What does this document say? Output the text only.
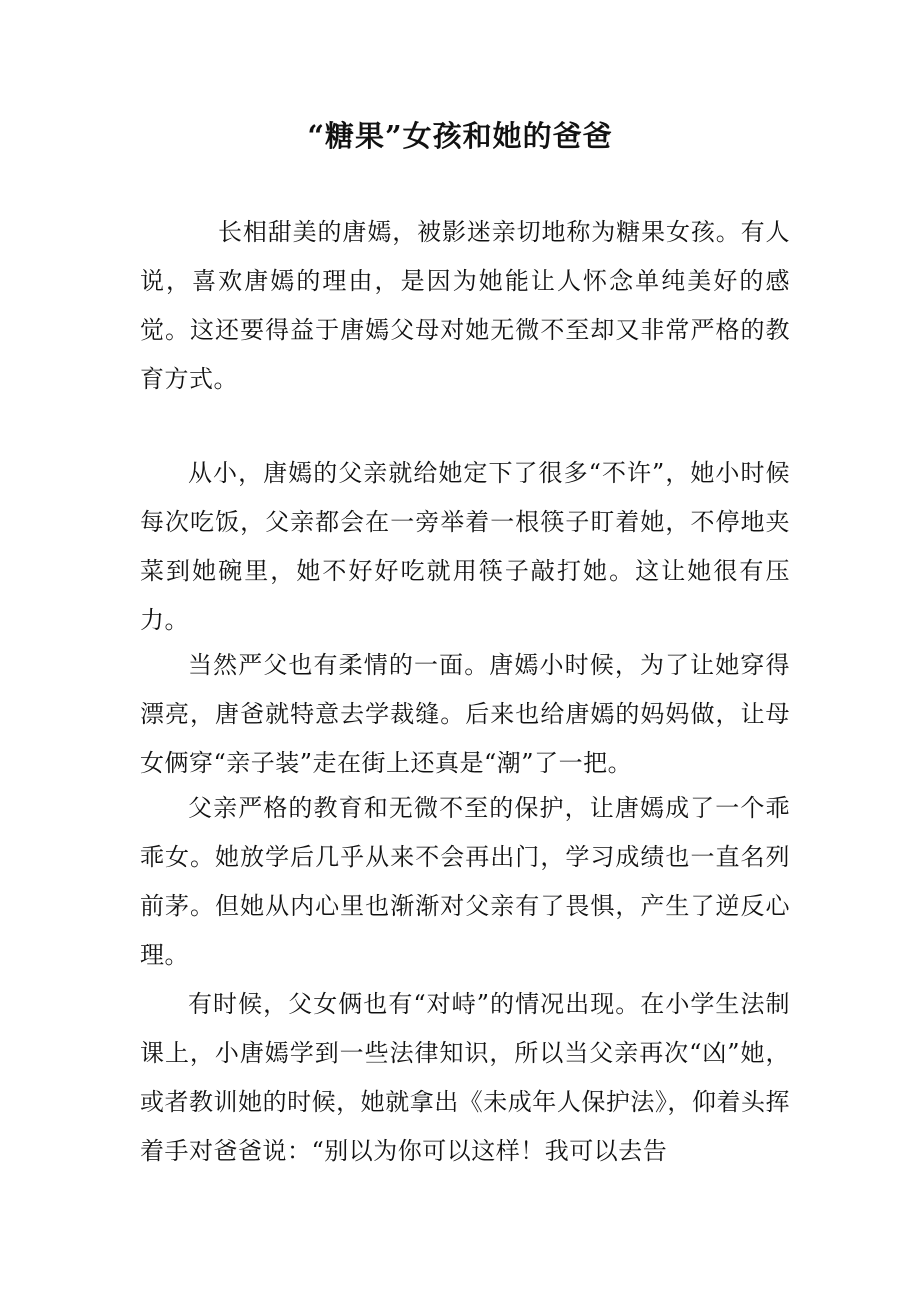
“糖果”女孩和她的爸爸

长相甜美的唐嫣，被影迷亲切地称为糖果女孩。有人说，喜欢唐嫣的理由，是因为她能让人怀念单纯美好的感觉。这还要得益于唐嫣父母对她无微不至却又非常严格的教育方式。

从小，唐嫣的父亲就给她定下了很多“不许”，她小时候每次吃饭，父亲都会在一旁举着一根筷子盯着她，不停地夹菜到她碗里，她不好好吃就用筷子敲打她。这让她很有压力。

当然严父也有柔情的一面。唐嫣小时候，为了让她穿得漂亮，唐爸就特意去学裁缝。后来也给唐嫣的妈妈做，让母女俩穿“亲子装”走在街上还真是“潮”了一把。

父亲严格的教育和无微不至的保护，让唐嫣成了一个乖乖女。她放学后几乎从来不会再出门，学习成绩也一直名列前茅。但她从内心里也渐渐对父亲有了畏惧，产生了逆反心理。

有时候，父女俩也有“对峙”的情况出现。在小学生法制课上，小唐嫣学到一些法律知识，所以当父亲再次“凶”她，或者教训她的时候，她就拿出《未成年人保护法》，仰着头挥着手对爸爸说：“别以为你可以这样！我可以去告
